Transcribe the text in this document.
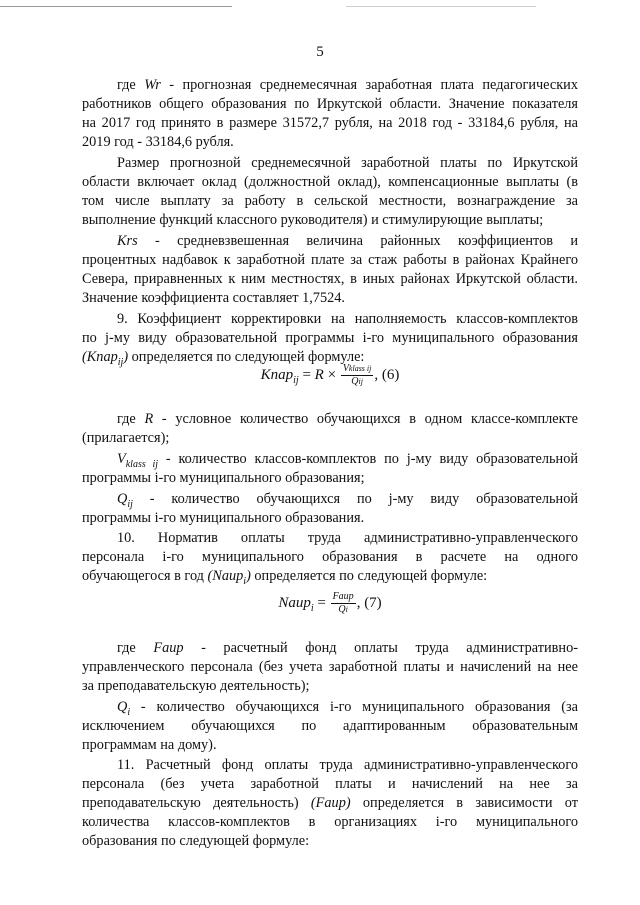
5
где Wr - прогнозная среднемесячная заработная плата педагогических
работников общего образования по Иркутской области. Значение показателя
на 2017 год принято в размере 31572,7 рубля, на 2018 год - 33184,6 рубля, на
2019 год - 33184,6 рубля.
Размер прогнозной среднемесячной заработной платы по Иркутской
области включает оклад (должностной оклад), компенсационные выплаты (в
том числе выплату за работу в сельской местности, вознаграждение за
выполнение функций классного руководителя) и стимулирующие выплаты;
Krs - средневзвешенная величина районных коэффициентов и
процентных надбавок к заработной плате за стаж работы в районах Крайнего
Севера, приравненных к ним местностях, в иных районах Иркутской области.
Значение коэффициента составляет 1,7524.
9. Коэффициент корректировки на наполняемость классов-комплектов
по j-му виду образовательной программы i-го муниципального образования
(Knap$_{ij}$) определяется по следующей формуле:
Knap$_{ij}$ = $R \times \frac{\text{Vklass ij}}{\text{Qij}}$ , (6)
где R - условное количество обучающихся в одном классе-комплекте
(прилагается);
$V_{klass ij}$ - количество классов-комплектов по j-му виду образовательной
программы i-го муниципального образования;
$Q_{ij}$ - количество обучающихся по j-му виду образовательной
программы i-го муниципального образования.
10. Норматив оплаты труда административно-управленческого
персонала i-го муниципального образования в расчете на одного
обучающегося в год (Naup$_i$) определяется по следующей формуле:
Naup$_i$ = $\frac{\text{Faup}}{Qi}$ , (7)
где Faup - расчетный фонд оплаты труда административно-
управленческого персонала (без учета заработной платы и начислений на нее
за преподавательскую деятельность);
$Q_i$ - количество обучающихся i-го муниципального образования (за
исключением обучающихся по адаптированным образовательным
программам на дому).
11. Расчетный фонд оплаты труда административно-управленческого
персонала (без учета заработной платы и начислений на нее за
преподавательскую деятельность) (Faup) определяется в зависимости от
количества классов-комплектов в организациях i-го муниципального
образования по следующей формуле:
